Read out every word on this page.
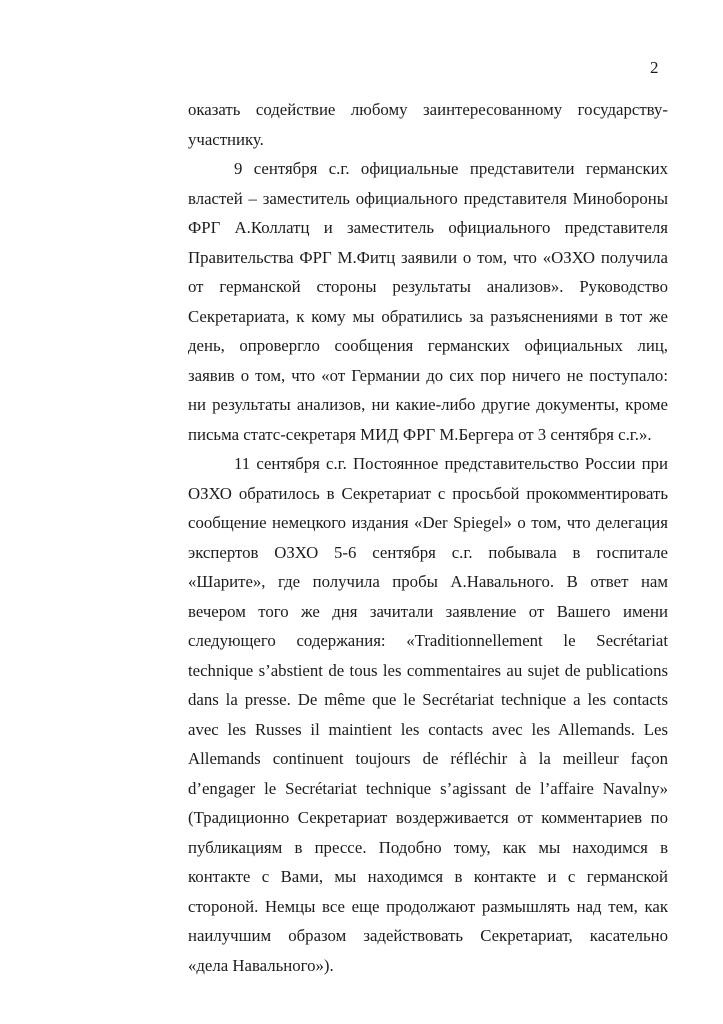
2
оказать содействие любому заинтересованному государству-
участнику.
9 сентября с.г. официальные представители германских
властей – заместитель официального представителя Минобороны
ФРГ А.Коллатц и заместитель официального представителя
Правительства ФРГ М.Фитц заявили о том, что «ОЗХО получила
от германской стороны результаты анализов». Руководство
Секретариата, к кому мы обратились за разъяснениями в тот же
день, опровергло сообщения германских официальных лиц,
заявив о том, что «от Германии до сих пор ничего не поступало:
ни результаты анализов, ни какие-либо другие документы, кроме
письма статс-секретаря МИД ФРГ М.Бергера от 3 сентября с.г.».
11 сентября с.г. Постоянное представительство России при
ОЗХО обратилось в Секретариат с просьбой прокомментировать
сообщение немецкого издания «Der Spiegel» о том, что делегация
экспертов ОЗХО 5-6 сентября с.г. побывала в госпитале
«Шарите», где получила пробы А.Навального. В ответ нам
вечером того же дня зачитали заявление от Вашего имени
следующего содержания: «Traditionnellement le Secrétariat
technique s’abstient de tous les commentaires au sujet de publications
dans la presse. De même que le Secrétariat technique a les contacts
avec les Russes il maintient les contacts avec les Allemands. Les
Allemands continuent toujours de réfléchir à la meilleur façon
d’engager le Secrétariat technique s’agissant de l’affaire Navalny»
(Традиционно Секретариат воздерживается от комментариев по
публикациям в прессе. Подобно тому, как мы находимся в
контакте с Вами, мы находимся в контакте и с германской
стороной. Немцы все еще продолжают размышлять над тем, как
наилучшим образом задействовать Секретариат, касательно
«дела Навального»).
